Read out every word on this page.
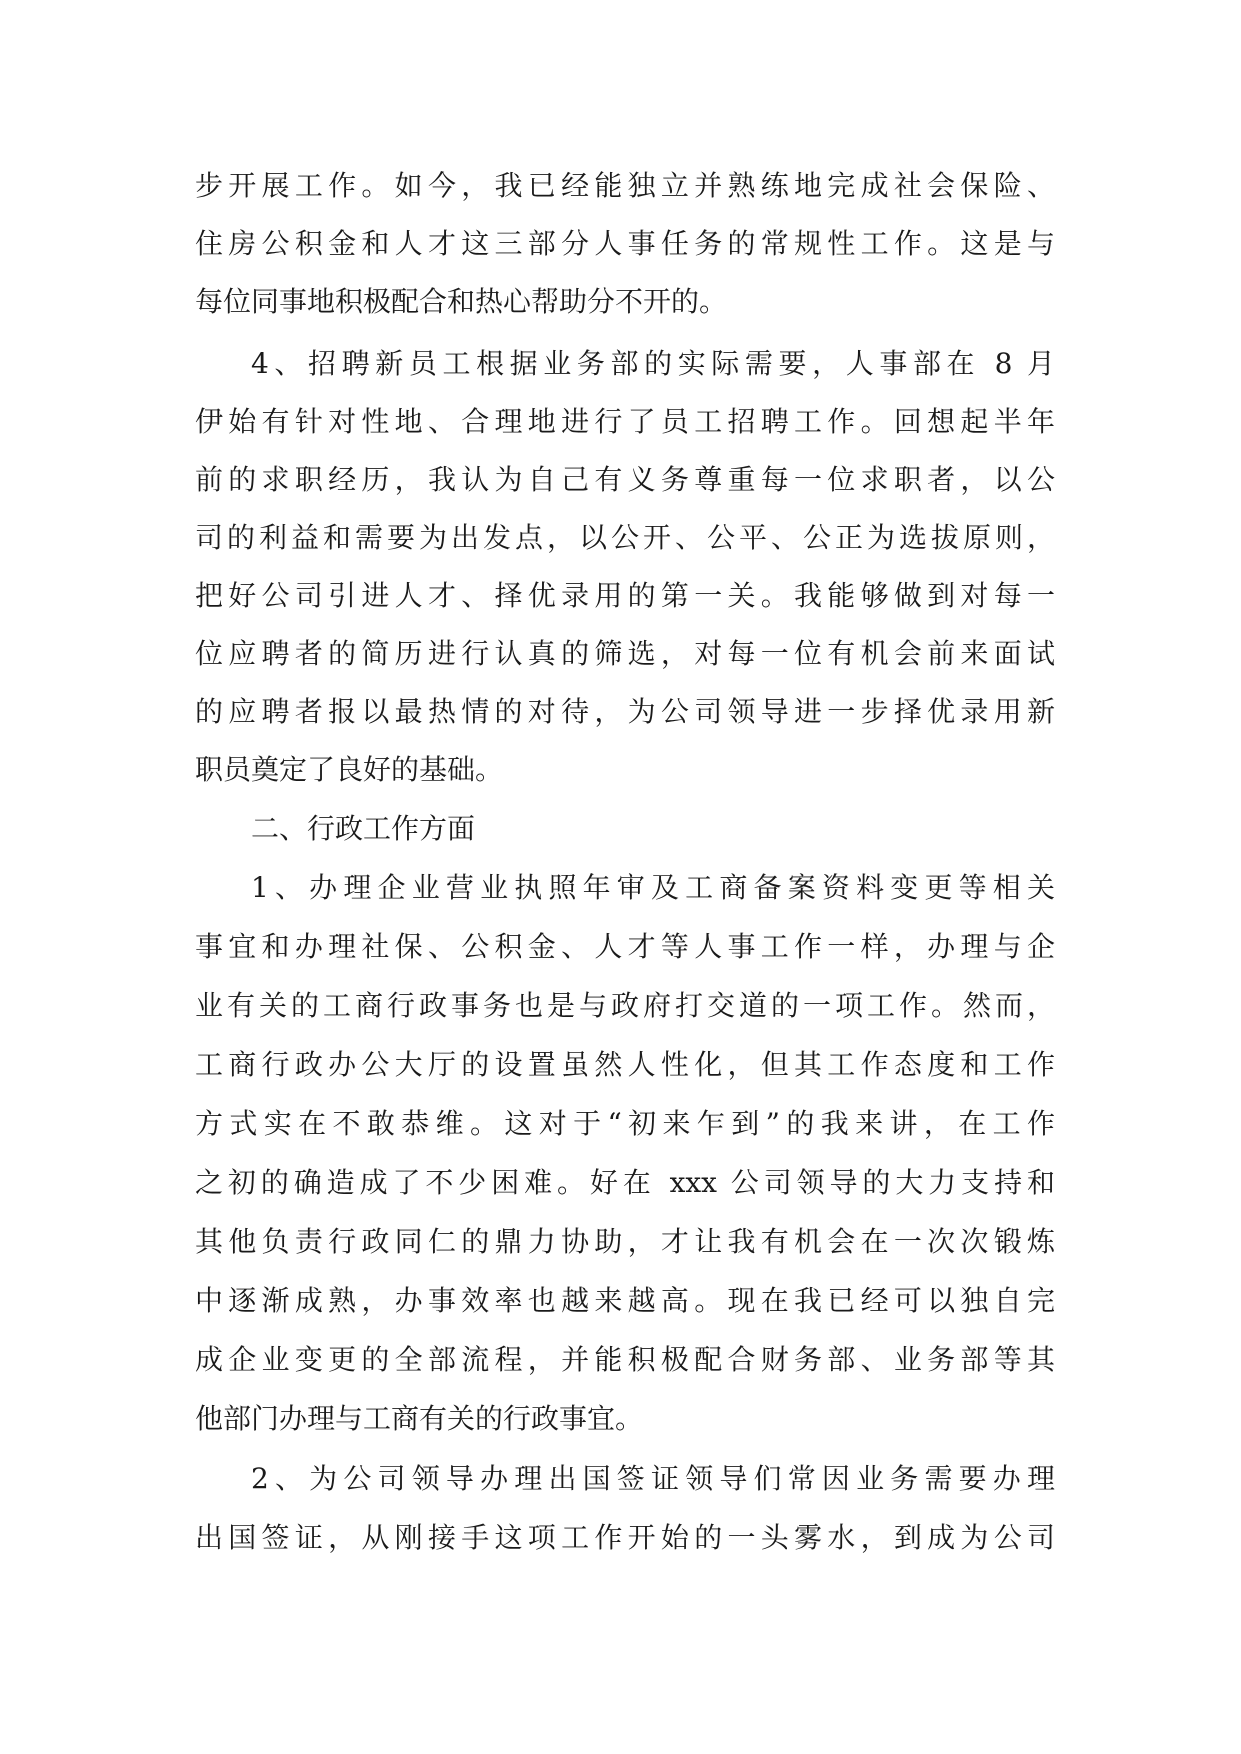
步开展工作。如今，我已经能独立并熟练地完成社会保险、

住房公积金和人才这三部分人事任务的常规性工作。这是与

每位同事地积极配合和热心帮助分不开的。

4、招聘新员工根据业务部的实际需要，人事部在 8 月

伊始有针对性地、合理地进行了员工招聘工作。回想起半年

前的求职经历，我认为自己有义务尊重每一位求职者，以公

司的利益和需要为出发点，以公开、公平、公正为选拔原则，

把好公司引进人才、择优录用的第一关。我能够做到对每一

位应聘者的简历进行认真的筛选，对每一位有机会前来面试

的应聘者报以最热情的对待，为公司领导进一步择优录用新

职员奠定了良好的基础。

二、行政工作方面

1、办理企业营业执照年审及工商备案资料变更等相关

事宜和办理社保、公积金、人才等人事工作一样，办理与企

业有关的工商行政事务也是与政府打交道的一项工作。然而，

工商行政办公大厅的设置虽然人性化，但其工作态度和工作

方式实在不敢恭维。这对于“初来乍到”的我来讲，在工作

之初的确造成了不少困难。好在 xxx 公司领导的大力支持和

其他负责行政同仁的鼎力协助，才让我有机会在一次次锻炼

中逐渐成熟，办事效率也越来越高。现在我已经可以独自完

成企业变更的全部流程，并能积极配合财务部、业务部等其

他部门办理与工商有关的行政事宜。

2、为公司领导办理出国签证领导们常因业务需要办理

出国签证，从刚接手这项工作开始的一头雾水，到成为公司
